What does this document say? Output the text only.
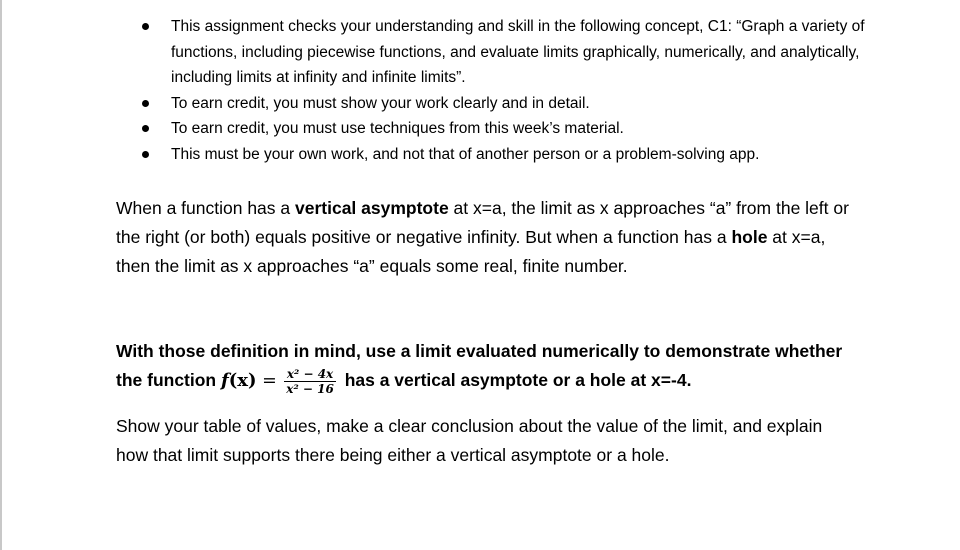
This assignment checks your understanding and skill in the following concept, C1: “Graph a variety of functions, including piecewise functions, and evaluate limits graphically, numerically, and analytically, including limits at infinity and infinite limits”.
To earn credit, you must show your work clearly and in detail.
To earn credit, you must use techniques from this week’s material.
This must be your own work, and not that of another person or a problem-solving app.

When a function has a vertical asymptote at x=a, the limit as x approaches “a” from the left or the right (or both) equals positive or negative infinity. But when a function has a hole at x=a, then the limit as x approaches “a” equals some real, finite number.

With those definition in mind, use a limit evaluated numerically to demonstrate whether the function $f(x) = \frac{\text{x² − 4x}}{\text{x² − 16}}$ has a vertical asymptote or a hole at x=-4.

Show your table of values, make a clear conclusion about the value of the limit, and explain how that limit supports there being either a vertical asymptote or a hole.
